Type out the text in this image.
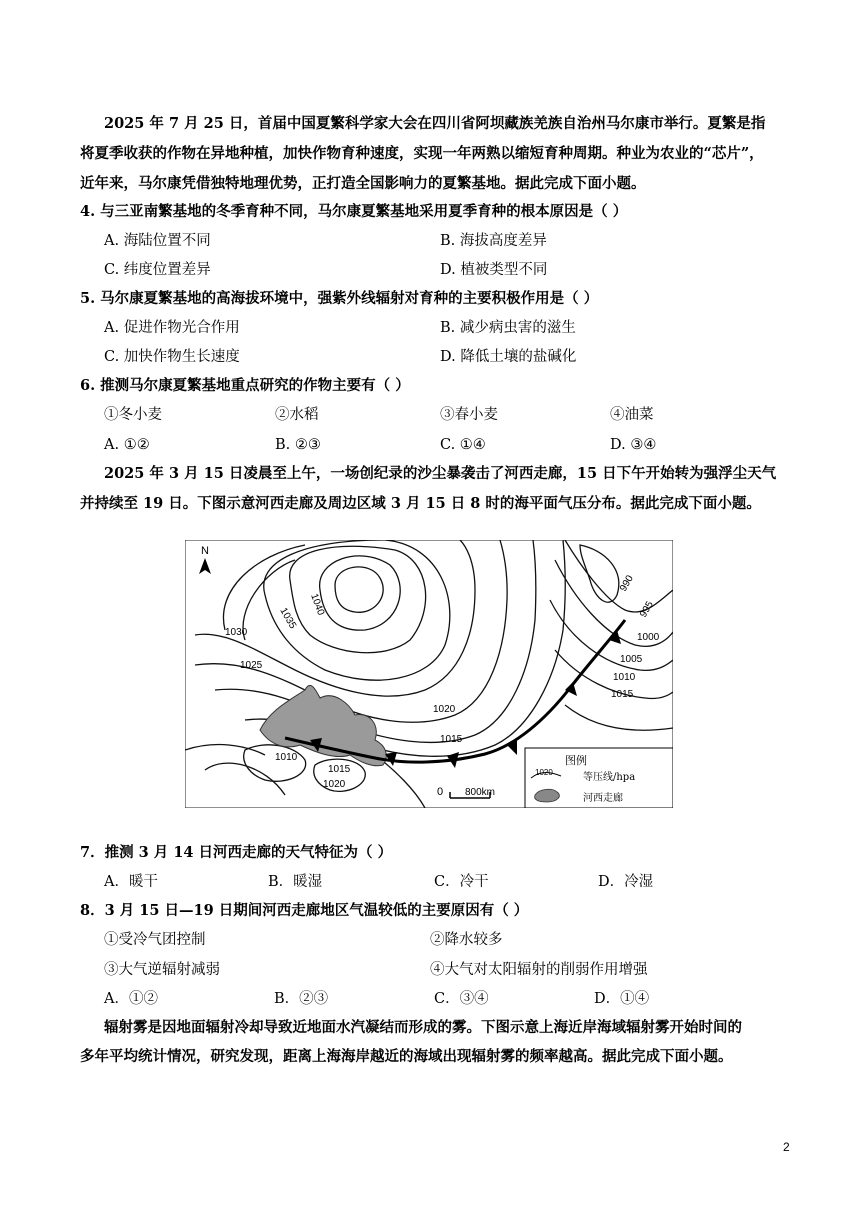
2025 年 7 月 25 日，首届中国夏繁科学家大会在四川省阿坝藏族羌族自治州马尔康市举行。夏繁是指
将夏季收获的作物在异地种植，加快作物育种速度，实现一年两熟以缩短育种周期。种业为农业的“芯片”，
近年来，马尔康凭借独特地理优势，正打造全国影响力的夏繁基地。据此完成下面小题。
4. 与三亚南繁基地的冬季育种不同，马尔康夏繁基地采用夏季育种的根本原因是（ ）
A. 海陆位置不同	B. 海拔高度差异
C. 纬度位置差异	D. 植被类型不同
5. 马尔康夏繁基地的高海拔环境中，强紫外线辐射对育种的主要积极作用是（ ）
A. 促进作物光合作用	B. 减少病虫害的滋生
C. 加快作物生长速度	D. 降低土壤的盐碱化
6. 推测马尔康夏繁基地重点研究的作物主要有（ ）
①冬小麦	②水稻	③春小麦	④油菜
A. ①②	B. ②③	C. ①④	D. ③④
2025 年 3 月 15 日凌晨至上午，一场创纪录的沙尘暴袭击了河西走廊，15 日下午开始转为强浮尘天气
并持续至 19 日。下图示意河西走廊及周边区域 3 月 15 日 8 时的海平面气压分布。据此完成下面小题。
N
1040
1035
1030
1025
1020
1015
1010
1015
1020
990
995
1000
1005
1010
1015
0 800km
图例
1020	等压线/hpa
河西走廊
7．推测 3 月 14 日河西走廊的天气特征为（ ）
A．暖干	B．暖湿	C．冷干	D．冷湿
8．3 月 15 日—19 日期间河西走廊地区气温较低的主要原因有（ ）
①受冷气团控制	②降水较多
③大气逆辐射减弱	④大气对太阳辐射的削弱作用增强
A．①②	B．②③	C．③④	D．①④
辐射雾是因地面辐射冷却导致近地面水汽凝结而形成的雾。下图示意上海近岸海域辐射雾开始时间的
多年平均统计情况，研究发现，距离上海海岸越近的海域出现辐射雾的频率越高。据此完成下面小题。
2
